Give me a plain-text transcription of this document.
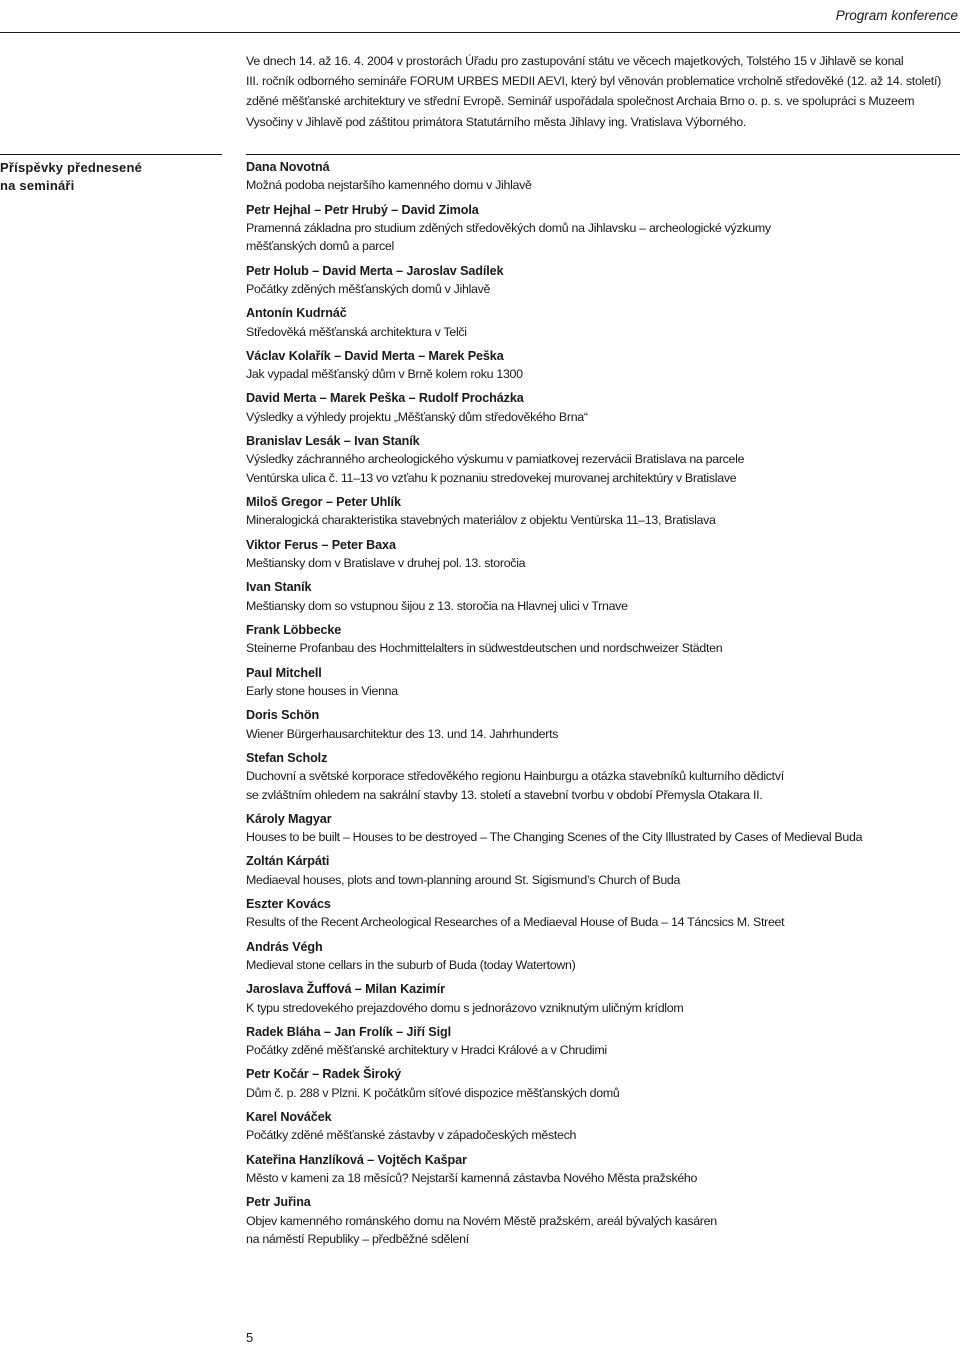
Program konference
Ve dnech 14. až 16. 4. 2004 v prostorách Úřadu pro zastupování státu ve věcech majetkových, Tolstého 15 v Jihlavě se konal
III. ročník odborného semináře FORUM URBES MEDII AEVI, který byl věnován problematice vrcholně středověké (12. až 14. století)
zděné měšťanské architektury ve střední Evropě. Seminář uspořádala společnost Archaia Brno o. p. s. ve spolupráci s Muzeem
Vysočiny v Jihlavě pod záštitou primátora Statutárního města Jihlavy ing. Vratislava Výborného.
Příspěvky přednesené
na semináři
Dana Novotná
Možná podoba nejstaršího kamenného domu v Jihlavě
Petr Hejhal – Petr Hrubý – David Zimola
Pramenná základna pro studium zděných středověkých domů na Jihlavsku – archeologické výzkumy
měšťanských domů a parcel
Petr Holub – David Merta – Jaroslav Sadílek
Počátky zděných měšťanských domů v Jihlavě
Antonín Kudrnáč
Středověká měšťanská architektura v Telči
Václav Kolařík – David Merta – Marek Peška
Jak vypadal měšťanský dům v Brně kolem roku 1300
David Merta – Marek Peška – Rudolf Procházka
Výsledky a výhledy projektu „Měšťanský dům středověkého Brna“
Branislav Lesák – Ivan Staník
Výsledky záchranného archeologického výskumu v pamiatkovej rezervácii Bratislava na parcele
Ventúrska ulica č. 11–13 vo vzťahu k poznaniu stredovekej murovanej architektúry v Bratislave
Miloš Gregor – Peter Uhlík
Mineralogická charakteristika stavebných materiálov z objektu Ventúrska 11–13, Bratislava
Viktor Ferus – Peter Baxa
Meštiansky dom v Bratislave v druhej pol. 13. storočia
Ivan Staník
Meštiansky dom so vstupnou šijou z 13. storočia na Hlavnej ulici v Trnave
Frank Löbbecke
Steinerne Profanbau des Hochmittelalters in südwestdeutschen und nordschweizer Städten
Paul Mitchell
Early stone houses in Vienna
Doris Schön
Wiener Bürgerhausarchitektur des 13. und 14. Jahrhunderts
Stefan Scholz
Duchovní a světské korporace středověkého regionu Hainburgu a otázka stavebníků kulturního dědictví
se zvláštním ohledem na sakrální stavby 13. století a stavební tvorbu v období Přemysla Otakara II.
Károly Magyar
Houses to be built – Houses to be destroyed – The Changing Scenes of the City Illustrated by Cases of Medieval Buda
Zoltán Kárpáti
Mediaeval houses, plots and town-planning around St. Sigismund’s Church of Buda
Eszter Kovács
Results of the Recent Archeological Researches of a Mediaeval House of Buda – 14 Táncsics M. Street
András Végh
Medieval stone cellars in the suburb of Buda (today Watertown)
Jaroslava Žuffová – Milan Kazimír
K typu stredovekého prejazdového domu s jednorázovo vzniknutým uličným krídlom
Radek Bláha – Jan Frolík – Jiří Sigl
Počátky zděné měšťanské architektury v Hradci Králové a v Chrudimi
Petr Kočár – Radek Široký
Dům č. p. 288 v Plzni. K počátkům síťové dispozice měšťanských domů
Karel Nováček
Počátky zděné měšťanské zástavby v západočeských městech
Kateřina Hanzlíková – Vojtěch Kašpar
Město v kameni za 18 měsíců? Nejstarší kamenná zástavba Nového Města pražského
Petr Juřina
Objev kamenného románského domu na Novém Městě pražském, areál bývalých kasáren
na náměstí Republiky – předběžné sdělení
5
